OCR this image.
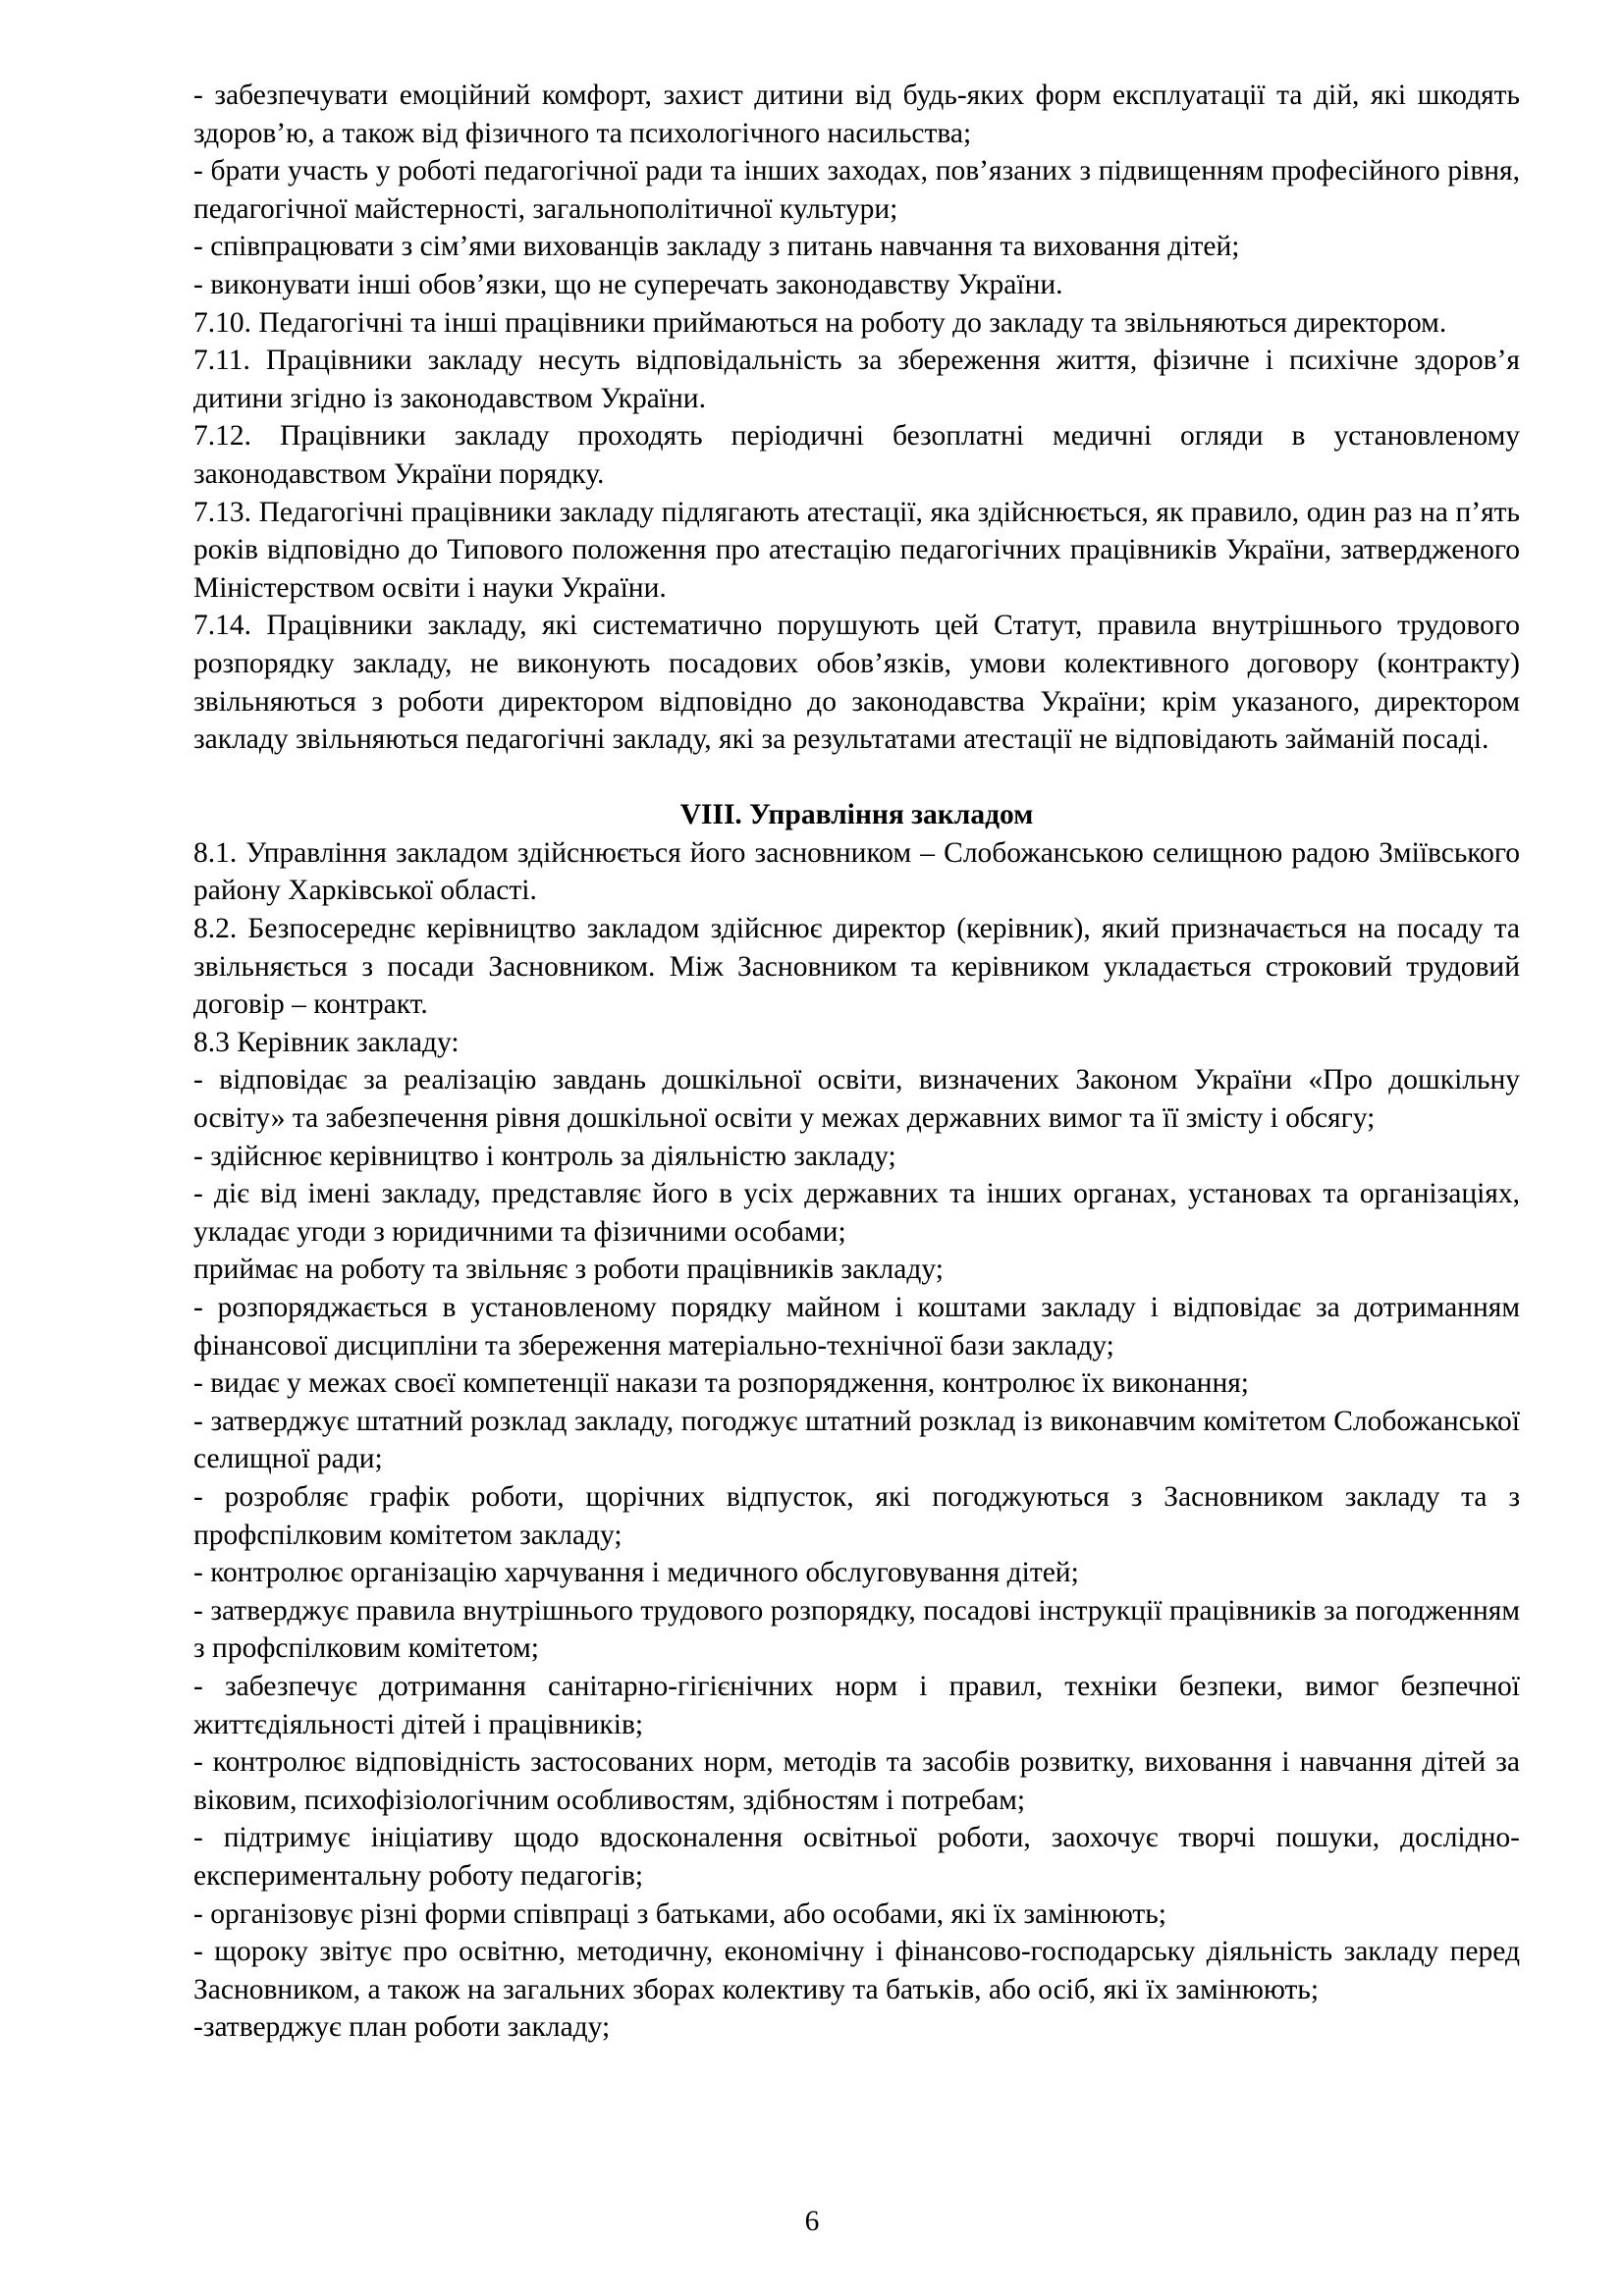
- забезпечувати емоційний комфорт, захист дитини від будь-яких форм експлуатації та дій, які шкодять здоров’ю, а також від фізичного та психологічного насильства;

- брати участь у роботі педагогічної ради та інших заходах, пов’язаних з підвищенням професійного рівня, педагогічної майстерності, загальнополітичної культури;

- співпрацювати з сім’ями вихованців закладу з питань навчання та виховання дітей;

- виконувати інші обов’язки, що не суперечать законодавству України.

7.10. Педагогічні та інші працівники приймаються на роботу до закладу та звільняються директором.

7.11. Працівники закладу несуть відповідальність за збереження життя, фізичне і психічне здоров’я дитини згідно із законодавством України.

7.12. Працівники закладу проходять періодичні безоплатні медичні огляди в установленому законодавством України порядку.

7.13. Педагогічні працівники закладу підлягають атестації, яка здійснюється, як правило, один раз на п’ять років відповідно до Типового положення про атестацію педагогічних працівників України, затвердженого Міністерством освіти і науки України.

7.14. Працівники закладу, які систематично порушують цей Статут, правила внутрішнього трудового розпорядку закладу, не виконують посадових обов’язків, умови колективного договору (контракту) звільняються з роботи директором відповідно до законодавства України; крім указаного, директором закладу звільняються педагогічні закладу, які за результатами атестації не відповідають займаній посаді.

VIII. Управління закладом

8.1. Управління закладом здійснюється його засновником – Слобожанською селищною радою Зміївського району Харківської області.

8.2. Безпосереднє керівництво закладом здійснює директор (керівник), який призначається на посаду та звільняється з посади Засновником. Між Засновником та керівником укладається строковий трудовий договір – контракт.

8.3 Керівник закладу:

- відповідає за реалізацію завдань дошкільної освіти, визначених Законом України «Про дошкільну освіту» та забезпечення рівня дошкільної освіти у межах державних вимог та її змісту і обсягу;

- здійснює керівництво і контроль за діяльністю закладу;

- діє від імені закладу, представляє його в усіх державних та інших органах, установах та організаціях, укладає угоди з юридичними та фізичними особами;

приймає на роботу та звільняє з роботи працівників закладу;

- розпоряджається в установленому порядку майном і коштами закладу і відповідає за дотриманням фінансової дисципліни та збереження матеріально-технічної бази закладу;

- видає у межах своєї компетенції накази та розпорядження, контролює їх виконання;

- затверджує штатний розклад закладу, погоджує штатний розклад із виконавчим комітетом Слобожанської селищної ради;

- розробляє графік роботи, щорічних відпусток, які погоджуються з Засновником закладу та з профспілковим комітетом закладу;

- контролює організацію харчування і медичного обслуговування дітей;

- затверджує правила внутрішнього трудового розпорядку, посадові інструкції працівників за погодженням з профспілковим комітетом;

- забезпечує дотримання санітарно-гігієнічних норм і правил, техніки безпеки, вимог безпечної життєдіяльності дітей і працівників;

- контролює відповідність застосованих норм, методів та засобів розвитку, виховання і навчання дітей за віковим, психофізіологічним особливостям, здібностям і потребам;

- підтримує ініціативу щодо вдосконалення освітньої роботи, заохочує творчі пошуки, дослідно-експериментальну роботу педагогів;

- організовує різні форми співпраці з батьками, або особами, які їх замінюють;

- щороку звітує про освітню, методичну, економічну і фінансово-господарську діяльність закладу перед Засновником, а також на загальних зборах колективу та батьків, або осіб, які їх замінюють;

-затверджує план роботи закладу;

6
